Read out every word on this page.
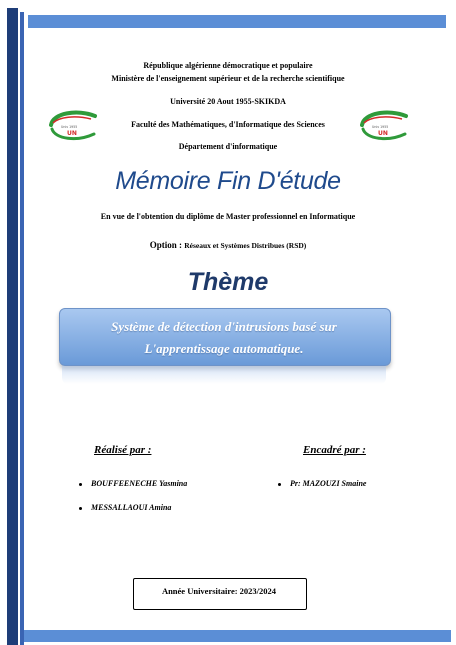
République algérienne démocratique et populaire
Ministère de l'enseignement supérieur et de la recherche scientifique
Université 20 Aout 1955-SKIKDA
Faculté des Mathématiques, d'Informatique des Sciences
Département d'informatique
Univ 1955
UN
Univ 1955
UN
Mémoire Fin D'étude
En vue de l'obtention du diplôme de Master professionnel en Informatique
Option : Réseaux et Systèmes Distribues (RSD)
Thème
Système de détection d'intrusions basé sur
L'apprentissage automatique.
Réalisé par :	Encadré par :
BOUFFEENECHE Yasmina
MESSALLAOUI Amina
Pr: MAZOUZI Smaine
Année Universitaire: 2023/2024
